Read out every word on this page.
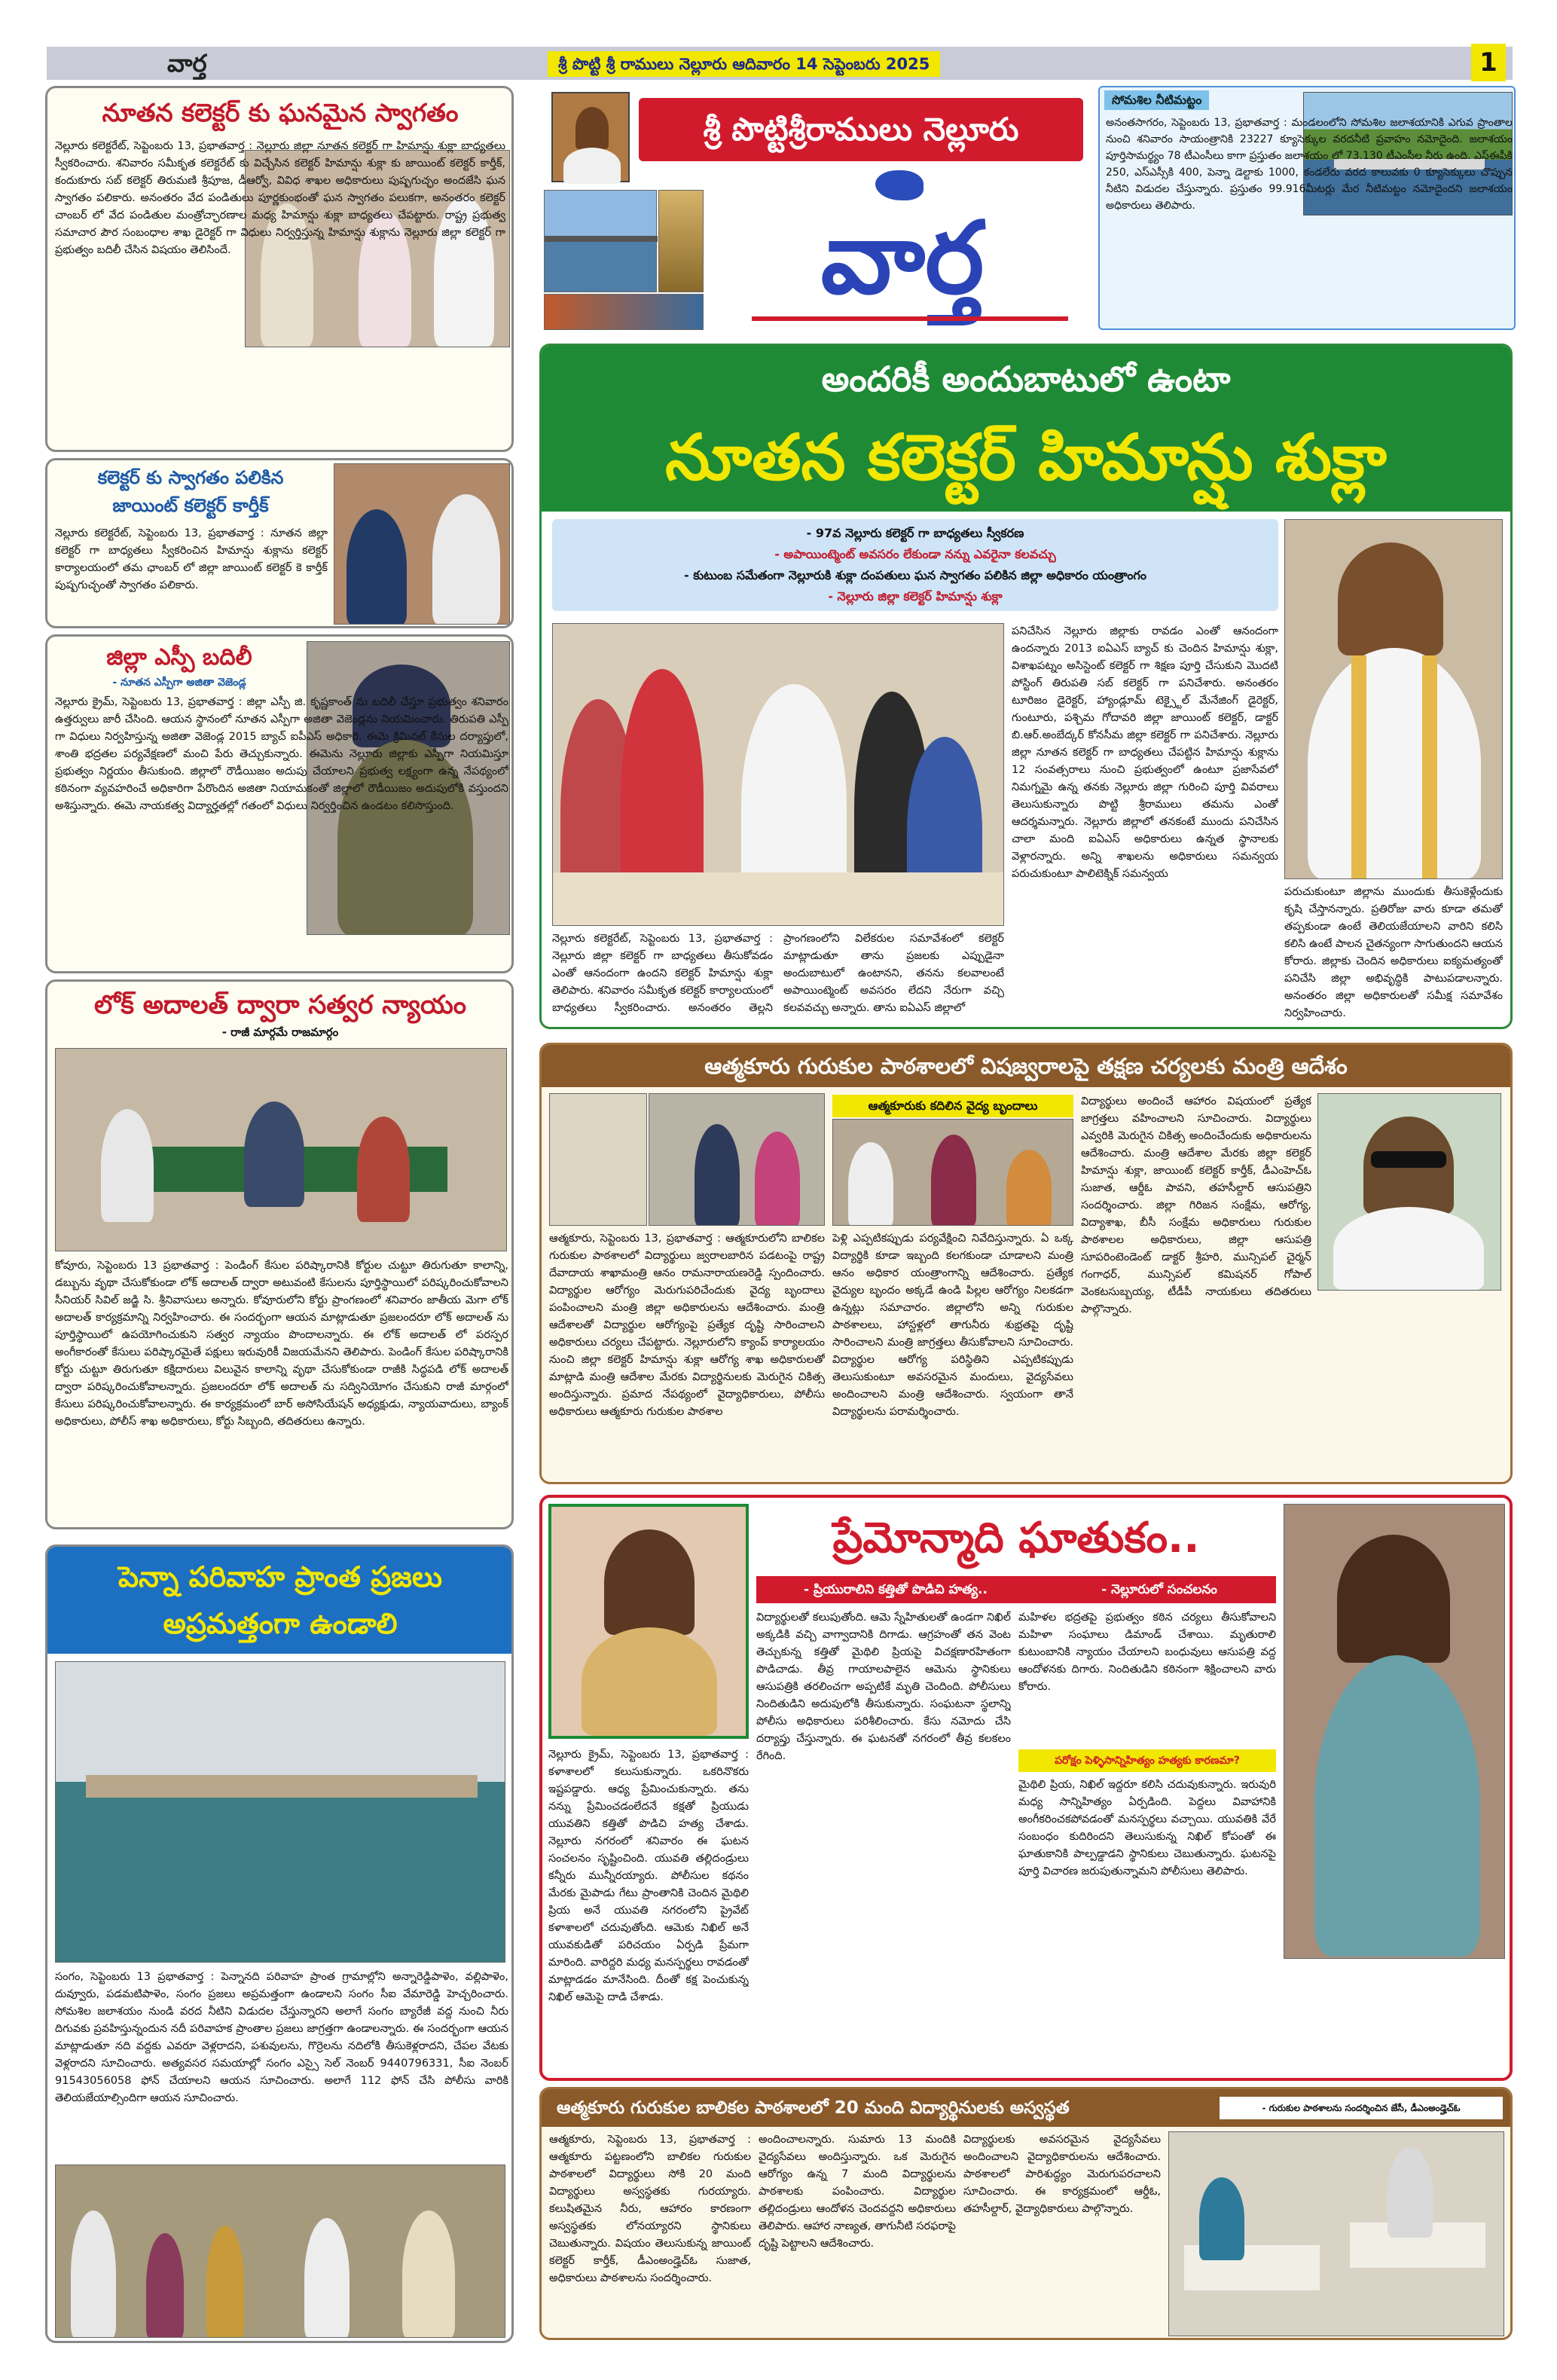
వార్త	శ్రీ పొట్టి శ్రీ రాములు నెల్లూరు ఆదివారం 14 సెప్టెంబరు 2025	1
శ్రీ పొట్టిశ్రీరాములు నెల్లూరు
వార్త
సోమశిల నీటిమట్టం
అనంతసాగరం, సెప్టెంబరు 13, ప్రభాతవార్త : మండలంలోని సోమశిల జలాశయానికి ఎగువ ప్రాంతాల నుంచి శనివారం సాయంత్రానికి 23227 క్యూసెక్కుల వరదనీటి ప్రవాహం నమోదైంది. జలాశయం పూర్తిసామర్థ్యం 78 టీఎంసీలు కాగా ప్రస్తుతం జలాశయం లో 73.130 టీఎంసీల నీరు ఉంది. ఎస్ఈపీకి 250, ఎస్ఎస్సీకి 400, పెన్నా డెల్టాకు 1000, కండలేరు వరద కాలువకు 0 క్యూసెక్కులు చొప్పున నీటిని విడుదల చేస్తున్నారు. ప్రస్తుతం 99.916మీటర్లు మేర నీటిమట్టం నమోదైందని జలాశయం అధికారులు తెలిపారు.
నూతన కలెక్టర్ కు ఘనమైన స్వాగతం
నెల్లూరు కలెక్టరేట్, సెప్టెంబరు 13, ప్రభాతవార్త : నెల్లూరు జిల్లా నూతన కలెక్టర్ గా హిమాన్షు శుక్లా బాధ్యతలు స్వీకరించారు. శనివారం సమీకృత కలెక్టరేట్ కు విచ్చేసిన కలెక్టర్ హిమాన్షు శుక్లా కు జాయింట్ కలెక్టర్ కార్తీక్, కందుకూరు సబ్ కలెక్టర్ తిరుమణి శ్రీపూజ, డీఆర్వో, వివిధ శాఖల అధికారులు పుష్పగుచ్ఛం అందజేసి ఘన స్వాగతం పలికారు. అనంతరం వేద పండితులు పూర్ణకుంభంతో ఘన స్వాగతం పలుకగా, అనంతరం కలెక్టర్ చాంబర్ లో వేద పండితుల మంత్రోచ్ఛారణాల మధ్య హిమాన్షు శుక్లా బాధ్యతలు చేపట్టారు. రాష్ట్ర ప్రభుత్వ సమాచార పౌర సంబంధాల శాఖ డైరెక్టర్ గా విధులు నిర్వర్తిస్తున్న హిమాన్షు శుక్లాను నెల్లూరు జిల్లా కలెక్టర్ గా ప్రభుత్వం బదిలీ చేసిన విషయం తెలిసిందే.
కలెక్టర్ కు స్వాగతం పలికిన
జాయింట్ కలెక్టర్ కార్తీక్
నెల్లూరు కలెక్టరేట్, సెప్టెంబరు 13, ప్రభాతవార్త : నూతన జిల్లా కలెక్టర్ గా బాధ్యతలు స్వీకరించిన హిమాన్షు శుక్లాను కలెక్టర్ కార్యాలయంలో తమ ఛాంబర్ లో జిల్లా జాయింట్ కలెక్టర్ కె కార్తీక్ పుష్పగుచ్ఛంతో స్వాగతం పలికారు.
జిల్లా ఎస్పీ బదిలీ
- నూతన ఎస్పీగా అజితా వెజెండ్ల
నెల్లూరు క్రైమ్, సెప్టెంబరు 13, ప్రభాతవార్త : జిల్లా ఎస్పీ జి. కృష్ణకాంత్ ను బదిలీ చేస్తూ ప్రభుత్వం శనివారం ఉత్తర్వులు జారీ చేసింది. ఆయన స్థానంలో నూతన ఎస్పీగా అజితా వెజెండ్లను నియమించారు. తిరుపతి ఎస్పీ గా విధులు నిర్వహిస్తున్న అజితా వెజెండ్ల 2015 బ్యాచ్ ఐపీఎస్ అధికారి. ఈమె క్రిమినల్ కేసుల దర్యాప్తులో, శాంతి భద్రతల పర్యవేక్షణలో మంచి పేరు తెచ్చుకున్నారు. ఈమెను నెల్లూరు జిల్లాకు ఎస్పీగా నియమిస్తూ ప్రభుత్వం నిర్ణయం తీసుకుంది. జిల్లాలో రౌడీయిజం అదుపు చేయాలని ప్రభుత్వ లక్ష్యంగా ఉన్న నేపథ్యంలో కఠినంగా వ్యవహరించే అధికారిగా పేరొందిన అజితా నియామకంతో జిల్లాలో రౌడీయిజం అదుపులోకి వస్తుందని అశిస్తున్నారు. ఈమె నాయకత్వ విద్యార్హతల్లో గతంలో విధులు నిర్వర్తించిన ఉండటం కలిసొస్తుంది.
లోక్ అదాలత్ ద్వారా సత్వర న్యాయం
- రాజీ మార్గమే రాజమార్గం
కోవూరు, సెప్టెంబరు 13 ప్రభాతవార్త : పెండింగ్ కేసుల పరిష్కారానికి కోర్టుల చుట్టూ తిరుగుతూ కాలాన్ని, డబ్బును వృథా చేసుకోకుండా లోక్ అదాలత్ ద్వారా అటువంటి కేసులను పూర్తిస్థాయిలో పరిష్కరించుకోవాలని సీనియర్ సివిల్ జడ్జి సి. శ్రీనివాసులు అన్నారు. కోవూరులోని కోర్టు ప్రాంగణంలో శనివారం జాతీయ మెగా లోక్ అదాలత్ కార్యక్రమాన్ని నిర్వహించారు. ఈ సందర్భంగా ఆయన మాట్లాడుతూ ప్రజలందరూ లోక్ అదాలత్ ను పూర్తిస్థాయిలో ఉపయోగించుకుని సత్వర న్యాయం పొందాలన్నారు. ఈ లోక్ అదాలత్ లో పరస్పర అంగీకారంతో కేసులు పరిష్కారమైతే పక్షులు ఇరువురికీ విజయమేనని తెలిపారు. పెండింగ్ కేసుల పరిష్కారానికి కోర్టు చుట్టూ తిరుగుతూ కక్షిదారులు విలువైన కాలాన్ని వృథా చేసుకోకుండా రాజీకి సిద్ధపడి లోక్ అదాలత్ ద్వారా పరిష్కరించుకోవాలన్నారు. ప్రజలందరూ లోక్ అదాలత్ ను సద్వినియోగం చేసుకుని రాజీ మార్గంలో కేసులు పరిష్కరించుకోవాలన్నారు. ఈ కార్యక్రమంలో బార్ అసోసియేషన్ అధ్యక్షుడు, న్యాయవాదులు, బ్యాంక్ అధికారులు, పోలీస్ శాఖ అధికారులు, కోర్టు సిబ్బంది, తదితరులు ఉన్నారు.
పెన్నా పరివాహ ప్రాంత ప్రజలు
అప్రమత్తంగా ఉండాలి
సంగం, సెప్టెంబరు 13 ప్రభాతవార్త : పెన్నానది పరివాహ ప్రాంత గ్రామాల్లోని అన్నారెడ్డిపాళెం, వల్లిపాళెం, దువ్వూరు, పడమటిపాళెం, సంగం ప్రజలు అప్రమత్తంగా ఉండాలని సంగం సీఐ వేమారెడ్డి హెచ్చరించారు. సోమశిల జలాశయం నుండి వరద నీటిని విడుదల చేస్తున్నారని అలాగే సంగం బ్యారేజీ వద్ద నుంచి నీరు దిగువకు ప్రవహిస్తున్నందున నదీ పరివాహక ప్రాంతాల ప్రజలు జాగ్రత్తగా ఉండాలన్నారు. ఈ సందర్భంగా ఆయన మాట్లాడుతూ నది వద్దకు ఎవరూ వెళ్లరాదని, పశువులను, గొర్రెలను నదిలోకి తీసుకెళ్లరాదని, చేపల వేటకు వెళ్లరాదని సూచించారు. అత్యవసర సమయాల్లో సంగం ఎస్సై సెల్ నెంబర్ 9440796331, సీఐ నెంబర్ 91543056058 ఫోన్ చేయాలని ఆయన సూచించారు. అలాగే 112 ఫోన్ చేసి పోలీసు వారికి తెలియజేయాల్సిందిగా ఆయన సూచించారు.
అందరికీ అందుబాటులో ఉంటా
నూతన కలెక్టర్ హిమాన్షు శుక్లా
- 97వ నెల్లూరు కలెక్టర్ గా బాధ్యతలు స్వీకరణ
- అపాయింట్మెంట్ అవసరం లేకుండా నన్ను ఎవరైనా కలవచ్చు
- కుటుంబ సమేతంగా నెల్లూరుకి శుక్లా దంపతులు ఘన స్వాగతం పలికిన జిల్లా అధికారం యంత్రాంగం
- నెల్లూరు జిల్లా కలెక్టర్ హిమాన్షు శుక్లా
నెల్లూరు కలెక్టరేట్, సెప్టెంబరు 13, ప్రభాతవార్త : నెల్లూరు జిల్లా కలెక్టర్ గా బాధ్యతలు తీసుకోవడం ఎంతో ఆనందంగా ఉందని కలెక్టర్ హిమాన్షు శుక్లా తెలిపారు. శనివారం సమీకృత కలెక్టర్ కార్యాలయంలో బాధ్యతలు స్వీకరించారు. అనంతరం తెల్లని ప్రాంగణంలోని విలేకరుల సమావేశంలో కలెక్టర్ మాట్లాడుతూ తాను ప్రజలకు ఎప్పుడైనా అందుబాటులో ఉంటానని, తనను కలవాలంటే అపాయింట్మెంట్ అవసరం లేదని నేరుగా వచ్చి కలవవచ్చు అన్నారు. తాను ఐఏఎస్ జిల్లాలో
పనిచేసిన నెల్లూరు జిల్లాకు రావడం ఎంతో ఆనందంగా ఉందన్నారు 2013 ఐఏఎస్ బ్యాచ్ కు చెందిన హిమాన్షు శుక్లా, విశాఖపట్నం అసిస్టెంట్ కలెక్టర్ గా శిక్షణ పూర్తి చేసుకుని మొదటి పోస్టింగ్ తిరుపతి సబ్ కలెక్టర్ గా పనిచేశారు. అనంతరం టూరిజం డైరెక్టర్, హ్యాండ్లూమ్ టెక్స్టైల్ మేనేజింగ్ డైరెక్టర్, గుంటూరు, పశ్చిమ గోదావరి జిల్లా జాయింట్ కలెక్టర్, డాక్టర్ బి.ఆర్.అంబేద్కర్ కోనసీమ జిల్లా కలెక్టర్ గా పనిచేశారు. నెల్లూరు జిల్లా నూతన కలెక్టర్ గా బాధ్యతలు చేపట్టిన హిమాన్షు శుక్లాను 12 సంవత్సరాలు నుంచి ప్రభుత్వంలో ఉంటూ ప్రజాసేవలో నిమగ్నమై ఉన్న తనకు నెల్లూరు జిల్లా గురించి పూర్తి వివరాలు తెలుసుకున్నారు పొట్టి శ్రీరాములు తమను ఎంతో ఆదర్శమన్నారు. నెల్లూరు జిల్లాలో తనకంటే ముందు పనిచేసిన చాలా మంది ఐఏఎస్ అధికారులు ఉన్నత స్థానాలకు వెళ్లారన్నారు. అన్ని శాఖలను అధికారులు సమన్వయ పరుచుకుంటూ పాలిటెక్నిక్ సమన్వయ
పరుచుకుంటూ జిల్లాను ముందుకు తీసుకెళ్లేందుకు కృషి చేస్తానన్నారు. ప్రతిరోజు వారు కూడా తమతో తప్పకుండా ఉంటే తెలియజేయాలని వారిని కలిసి కలిసి ఉంటే పాలన చైతన్యంగా సాగుతుందని ఆయన కోరారు. జిల్లాకు చెందిన అధికారులు ఐక్యమత్యంతో పనిచేసి జిల్లా అభివృద్ధికి పాటుపడాలన్నారు. అనంతరం జిల్లా అధికారులతో సమీక్ష సమావేశం నిర్వహించారు.
ఆత్మకూరు గురుకుల పాఠశాలలో విషజ్వరాలపై తక్షణ చర్యలకు మంత్రి ఆదేశం
ఆత్మకూరుకు కదిలిన వైద్య బృందాలు
ఆత్మకూరు, సెప్టెంబరు 13, ప్రభాతవార్త : ఆత్మకూరులోని బాలికల గురుకుల పాఠశాలలో విద్యార్థులు జ్వరాలబారిన పడటంపై రాష్ట్ర దేవాదాయ శాఖామంత్రి ఆనం రామనారాయణరెడ్డి స్పందించారు. విద్యార్థుల ఆరోగ్యం మెరుగుపరిచేందుకు వైద్య బృందాలు పంపించాలని మంత్రి జిల్లా అధికారులను ఆదేశించారు. మంత్రి ఆదేశాలతో విద్యార్థుల ఆరోగ్యంపై ప్రత్యేక దృష్టి సారించాలని అధికారులు చర్యలు చేపట్టారు. నెల్లూరులోని క్యాంప్ కార్యాలయం నుంచి జిల్లా కలెక్టర్ హిమాన్షు శుక్లా ఆరోగ్య శాఖ అధికారులతో మాట్లాడి మంత్రి ఆదేశాల మేరకు విద్యార్థినులకు మెరుగైన చికిత్స అందిస్తున్నారు. ప్రమాద నేపథ్యంలో వైద్యాధికారులు, పోలీసు అధికారులు ఆత్మకూరు గురుకుల పాఠశాల
పెళ్లి ఎప్పటికప్పుడు పర్యవేక్షించి నివేదిస్తున్నారు. ఏ ఒక్క విద్యార్థికి కూడా ఇబ్బంది కలగకుండా చూడాలని మంత్రి ఆనం అధికార యంత్రాంగాన్ని ఆదేశించారు. ప్రత్యేక వైద్యుల బృందం అక్కడే ఉండి పిల్లల ఆరోగ్యం నిలకడగా ఉన్నట్లు సమాచారం. జిల్లాలోని అన్ని గురుకుల పాఠశాలలు, హాస్టళ్లలో తాగునీరు శుభ్రతపై దృష్టి సారించాలని మంత్రి జాగ్రత్తలు తీసుకోవాలని సూచించారు. విద్యార్థుల ఆరోగ్య పరిస్థితిని ఎప్పటికప్పుడు తెలుసుకుంటూ అవసరమైన మందులు, వైద్యసేవలు అందించాలని మంత్రి ఆదేశించారు. స్వయంగా తానే విద్యార్థులను పరామర్శించారు.
విద్యార్థులు అందించే ఆహారం విషయంలో ప్రత్యేక జాగ్రత్తలు వహించాలని సూచించారు. విద్యార్థులు ఎవ్వరికి మెరుగైన చికిత్స అందించేందుకు అధికారులను ఆదేశించారు. మంత్రి ఆదేశాల మేరకు జిల్లా కలెక్టర్ హిమాన్షు శుక్లా, జాయింట్ కలెక్టర్ కార్తీక్, డీఎంహెచ్ఓ సుజాత, ఆర్డీఓ పావని, తహసీల్దార్ ఆసుపత్రిని సందర్శించారు. జిల్లా గిరిజన సంక్షేమ, ఆరోగ్య, విద్యాశాఖ, బీసీ సంక్షేమ అధికారులు గురుకుల పాఠశాలల అధికారులు, జిల్లా ఆసుపత్రి సూపరింటెండెంట్ డాక్టర్ శ్రీహరి, మున్సిపల్ చైర్మన్ గంగాధర్, మున్సిపల్ కమిషనర్ గోపాల్ వెంకటసుబ్బయ్య, టీడీపీ నాయకులు తదితరులు పాల్గొన్నారు.
ప్రేమోన్మాది ఘాతుకం..
- ప్రియురాలిని కత్తితో పొడిచి హత్య..	- నెల్లూరులో సంచలనం
నెల్లూరు క్రైమ్, సెప్టెంబరు 13, ప్రభాతవార్త : కళాశాలలో కలుసుకున్నారు. ఒకరినొకరు ఇష్టపడ్డారు. ఆధ్య ప్రేమించుకున్నారు. తను నన్ను ప్రేమించడంలేదనే కక్షతో ప్రియుడు యువతిని కత్తితో పొడిచి హత్య చేశాడు. నెల్లూరు నగరంలో శనివారం ఈ ఘటన సంచలనం సృష్టించింది. యువతి తల్లిదండ్రులు కన్నీరు మున్నీరయ్యారు. పోలీసుల కథనం మేరకు మైపాడు గేటు ప్రాంతానికి చెందిన మైథిలి ప్రియ అనే యువతి నగరంలోని ప్రైవేట్ కళాశాలలో చదువుతోంది. ఆమెకు నిఖిల్ అనే యువకుడితో పరిచయం ఏర్పడి ప్రేమగా మారింది. వారిద్దరి మధ్య మనస్పర్థలు రావడంతో మాట్లాడడం మానేసింది. దీంతో కక్ష పెంచుకున్న నిఖిల్ ఆమెపై దాడి చేశాడు.
విద్యార్థులతో కలుపుతోంది. ఆమె స్నేహితులతో ఉండగా నిఖిల్ అక్కడికి వచ్చి వాగ్వాదానికి దిగాడు. ఆగ్రహంతో తన వెంట తెచ్చుకున్న కత్తితో మైథిలి ప్రియపై విచక్షణారహితంగా పొడిచాడు. తీవ్ర గాయాలపాలైన ఆమెను స్థానికులు ఆసుపత్రికి తరలించగా అప్పటికే మృతి చెందింది. పోలీసులు నిందితుడిని అదుపులోకి తీసుకున్నారు. సంఘటనా స్థలాన్ని పోలీసు అధికారులు పరిశీలించారు. కేసు నమోదు చేసి దర్యాప్తు చేస్తున్నారు. ఈ ఘటనతో నగరంలో తీవ్ర కలకలం రేగింది.
మహిళల భద్రతపై ప్రభుత్వం కఠిన చర్యలు తీసుకోవాలని మహిళా సంఘాలు డిమాండ్ చేశాయి. మృతురాలి కుటుంబానికి న్యాయం చేయాలని బంధువులు ఆసుపత్రి వద్ద ఆందోళనకు దిగారు. నిందితుడిని కఠినంగా శిక్షించాలని వారు కోరారు.
పరోక్షం పెళ్ళిసాన్నిహిత్యం హత్యకు కారణమా?
మైథిలి ప్రియ, నిఖిల్ ఇద్దరూ కలిసి చదువుకున్నారు. ఇరువురి మధ్య సాన్నిహిత్యం ఏర్పడింది. పెద్దలు వివాహానికి అంగీకరించకపోవడంతో మనస్పర్థలు వచ్చాయి. యువతికి వేరే సంబంధం కుదిరిందని తెలుసుకున్న నిఖిల్ కోపంతో ఈ ఘాతుకానికి పాల్పడ్డాడని స్థానికులు చెబుతున్నారు. ఘటనపై పూర్తి విచారణ జరుపుతున్నామని పోలీసులు తెలిపారు.
ఆత్మకూరు గురుకుల బాలికల పాఠశాలలో 20 మంది విద్యార్థినులకు అస్వస్థత	- గురుకుల పాఠశాలను సందర్శించిన జేసీ, డీఎంఅండ్హెచ్ఓ
ఆత్మకూరు, సెప్టెంబరు 13, ప్రభాతవార్త : ఆత్మకూరు పట్టణంలోని బాలికల గురుకుల పాఠశాలలో విద్యార్థులు సోకి 20 మంది విద్యార్థులు అస్వస్థతకు గురయ్యారు. కలుషితమైన నీరు, ఆహారం కారణంగా అస్వస్థతకు లోనయ్యారని స్థానికులు చెబుతున్నారు. విషయం తెలుసుకున్న జాయింట్ కలెక్టర్ కార్తీక్, డీఎంఅండ్హెచ్ఓ సుజాత, అధికారులు పాఠశాలను సందర్శించారు.
అందించాలన్నారు. సుమారు 13 మందికి వైద్యసేవలు అందిస్తున్నారు. ఒక మెరుగైన ఆరోగ్యం ఉన్న 7 మంది విద్యార్థులను పాఠశాలకు పంపించారు. విద్యార్థుల తల్లిదండ్రులు ఆందోళన చెందవద్దని అధికారులు తెలిపారు. ఆహార నాణ్యత, తాగునీటి సరఫరాపై దృష్టి పెట్టాలని ఆదేశించారు.
విద్యార్థులకు అవసరమైన వైద్యసేవలు అందించాలని వైద్యాధికారులను ఆదేశించారు. పాఠశాలలో పారిశుద్ధ్యం మెరుగుపరచాలని సూచించారు. ఈ కార్యక్రమంలో ఆర్డీఓ, తహసీల్దార్, వైద్యాధికారులు పాల్గొన్నారు.
